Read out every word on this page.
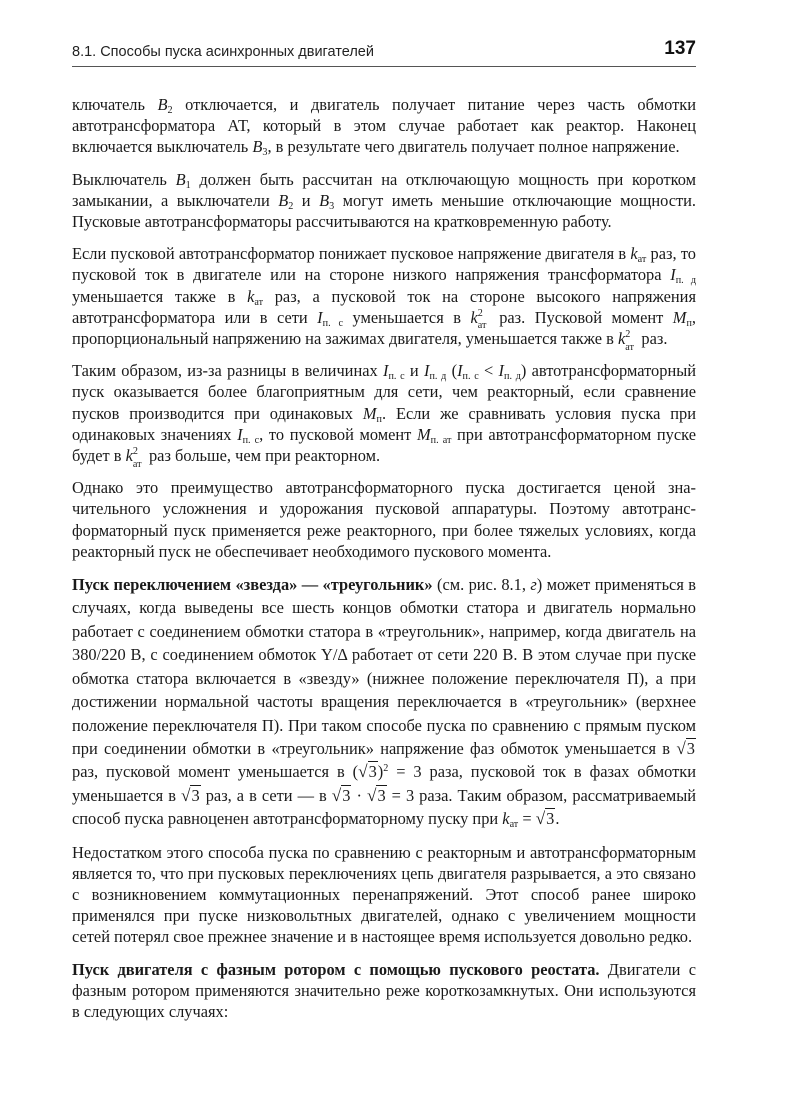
8.1. Способы пуска асинхронных двигателей	137

ключатель $B_2$ отключается, и двигатель получает питание через часть обмотки автотрансформатора АТ, который в этом случае работает как реактор. Наконец включается выключатель $B_3$, в результате чего двигатель получает полное напряжение.

Выключатель $B_1$ должен быть рассчитан на отключающую мощность при коротком замыкании, а выключатели $B_2$ и $B_3$ могут иметь меньшие отключающие мощности. Пусковые автотрансформаторы рассчитываются на кратковременную работу.

Если пусковой автотрансформатор понижает пусковое напряжение двигателя в $k_{ат}$ раз, то пусковой ток в двигателе или на стороне низкого напряжения трансформатора $I_{п. д}$ уменьшается также в $k_{ат}$ раз, а пусковой ток на стороне высокого напряжения автотрансформатора или в сети $I_{п. с}$ уменьшается в k 2
ат раз. Пусковой момент $M_п$, пропорциональный напряжению на зажимах двигателя, уменьшается также в k 2
ат раз.

Таким образом, из-за разницы в величинах $I_{п. с}$ и $I_{п. д}$ $(I_{п. с} < I_{п. д})$ автотрансформаторный пуск оказывается более благоприятным для сети, чем реакторный, если сравнение пусков производится при одинаковых $M_п$. Если же сравнивать условия пуска при одинаковых значениях $I_{п. с}$, то пусковой момент $M_{п. ат}$ при автотрансформаторном пуске будет в k 2
ат раз больше, чем при реакторном.

Однако это преимущество автотрансформаторного пуска достигается ценой значительного усложнения и удорожания пусковой аппаратуры. Поэтому автотрансформаторный пуск применяется реже реакторного, при более тяжелых условиях, когда реакторный пуск не обеспечивает необходимого пускового момента.

Пуск переключением «звезда» — «треугольник» (см. рис. 8.1, г) может применяться в случаях, когда выведены все шесть концов обмотки статора и двигатель нормально работает с соединением обмотки статора в «треугольник», например, когда двигатель на 380/220 В, с соединением обмоток Y/Δ работает от сети 220 В. В этом случае при пуске обмотка статора включается в «звезду» (нижнее положение переключателя П), а при достижении нормальной частоты вращения переключается в «треугольник» (верхнее положение переключателя П). При таком способе пуска по сравнению с прямым пуском при соединении обмотки в «треугольник» напряжение фаз обмоток уменьшается в √3 раз, пусковой момент уменьшается в $(√3)^2 = 3$ раза, пусковой ток в фазах обмотки уменьшается в √3 раз, а в сети — в √3 · √3 = 3 раза. Таким образом, рассматриваемый способ пуска равноценен автотрансформаторному пуску при $k_{ат} = √3$.

Недостатком этого способа пуска по сравнению с реакторным и автотрансформаторным является то, что при пусковых переключениях цепь двигателя разрывается, а это связано с возникновением коммутационных перенапряжений. Этот способ ранее широко применялся при пуске низковольтных двигателей, однако с увеличением мощности сетей потерял свое прежнее значение и в настоящее время используется довольно редко.

Пуск двигателя с фазным ротором с помощью пускового реостата. Двигатели с фазным ротором применяются значительно реже короткозамкнутых. Они используются в следующих случаях:
